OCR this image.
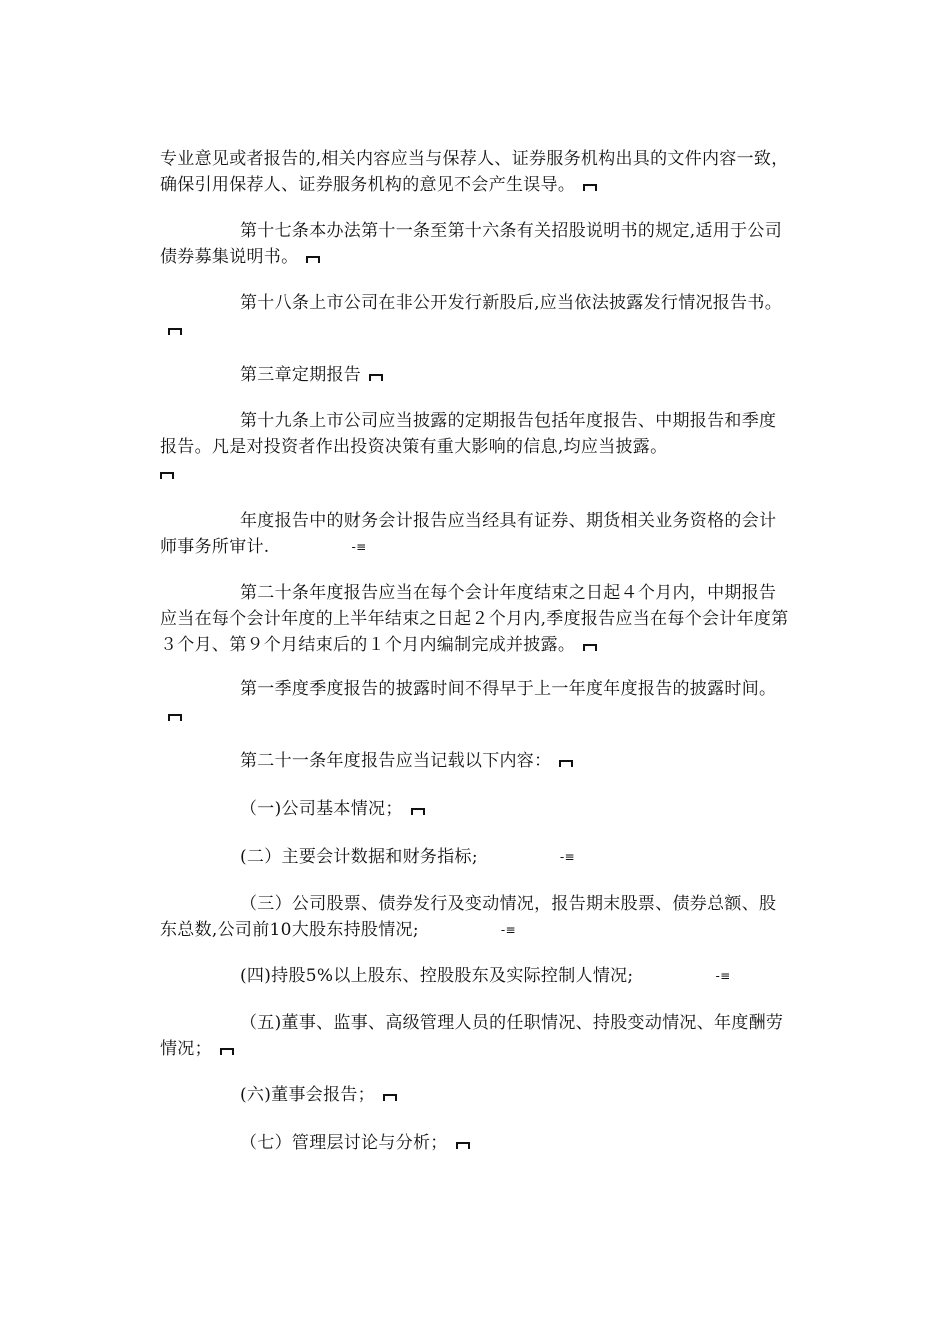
专业意见或者报告的,相关内容应当与保荐人、证券服务机构出具的文件内容一致，确保引用保荐人、证券服务机构的意见不会产生误导。
第十七条本办法第十一条至第十六条有关招股说明书的规定,适用于公司债券募集说明书。
第十八条上市公司在非公开发行新股后,应当依法披露发行情况报告书。
第三章定期报告
第十九条上市公司应当披露的定期报告包括年度报告、中期报告和季度报告。凡是对投资者作出投资决策有重大影响的信息,均应当披露。

年度报告中的财务会计报告应当经具有证券、期货相关业务资格的会计师事务所审计.	-≡
第二十条年度报告应当在每个会计年度结束之日起４个月内，中期报告应当在每个会计年度的上半年结束之日起２个月内,季度报告应当在每个会计年度第３个月、第９个月结束后的１个月内编制完成并披露。
第一季度季度报告的披露时间不得早于上一年度年度报告的披露时间。
第二十一条年度报告应当记载以下内容：
（一)公司基本情况；
(二）主要会计数据和财务指标;	-≡
（三）公司股票、债券发行及变动情况，报告期末股票、债券总额、股东总数,公司前10大股东持股情况;	-≡
(四)持股5%以上股东、控股股东及实际控制人情况;	-≡
（五)董事、监事、高级管理人员的任职情况、持股变动情况、年度酬劳情况；
(六)董事会报告；
（七）管理层讨论与分析；
